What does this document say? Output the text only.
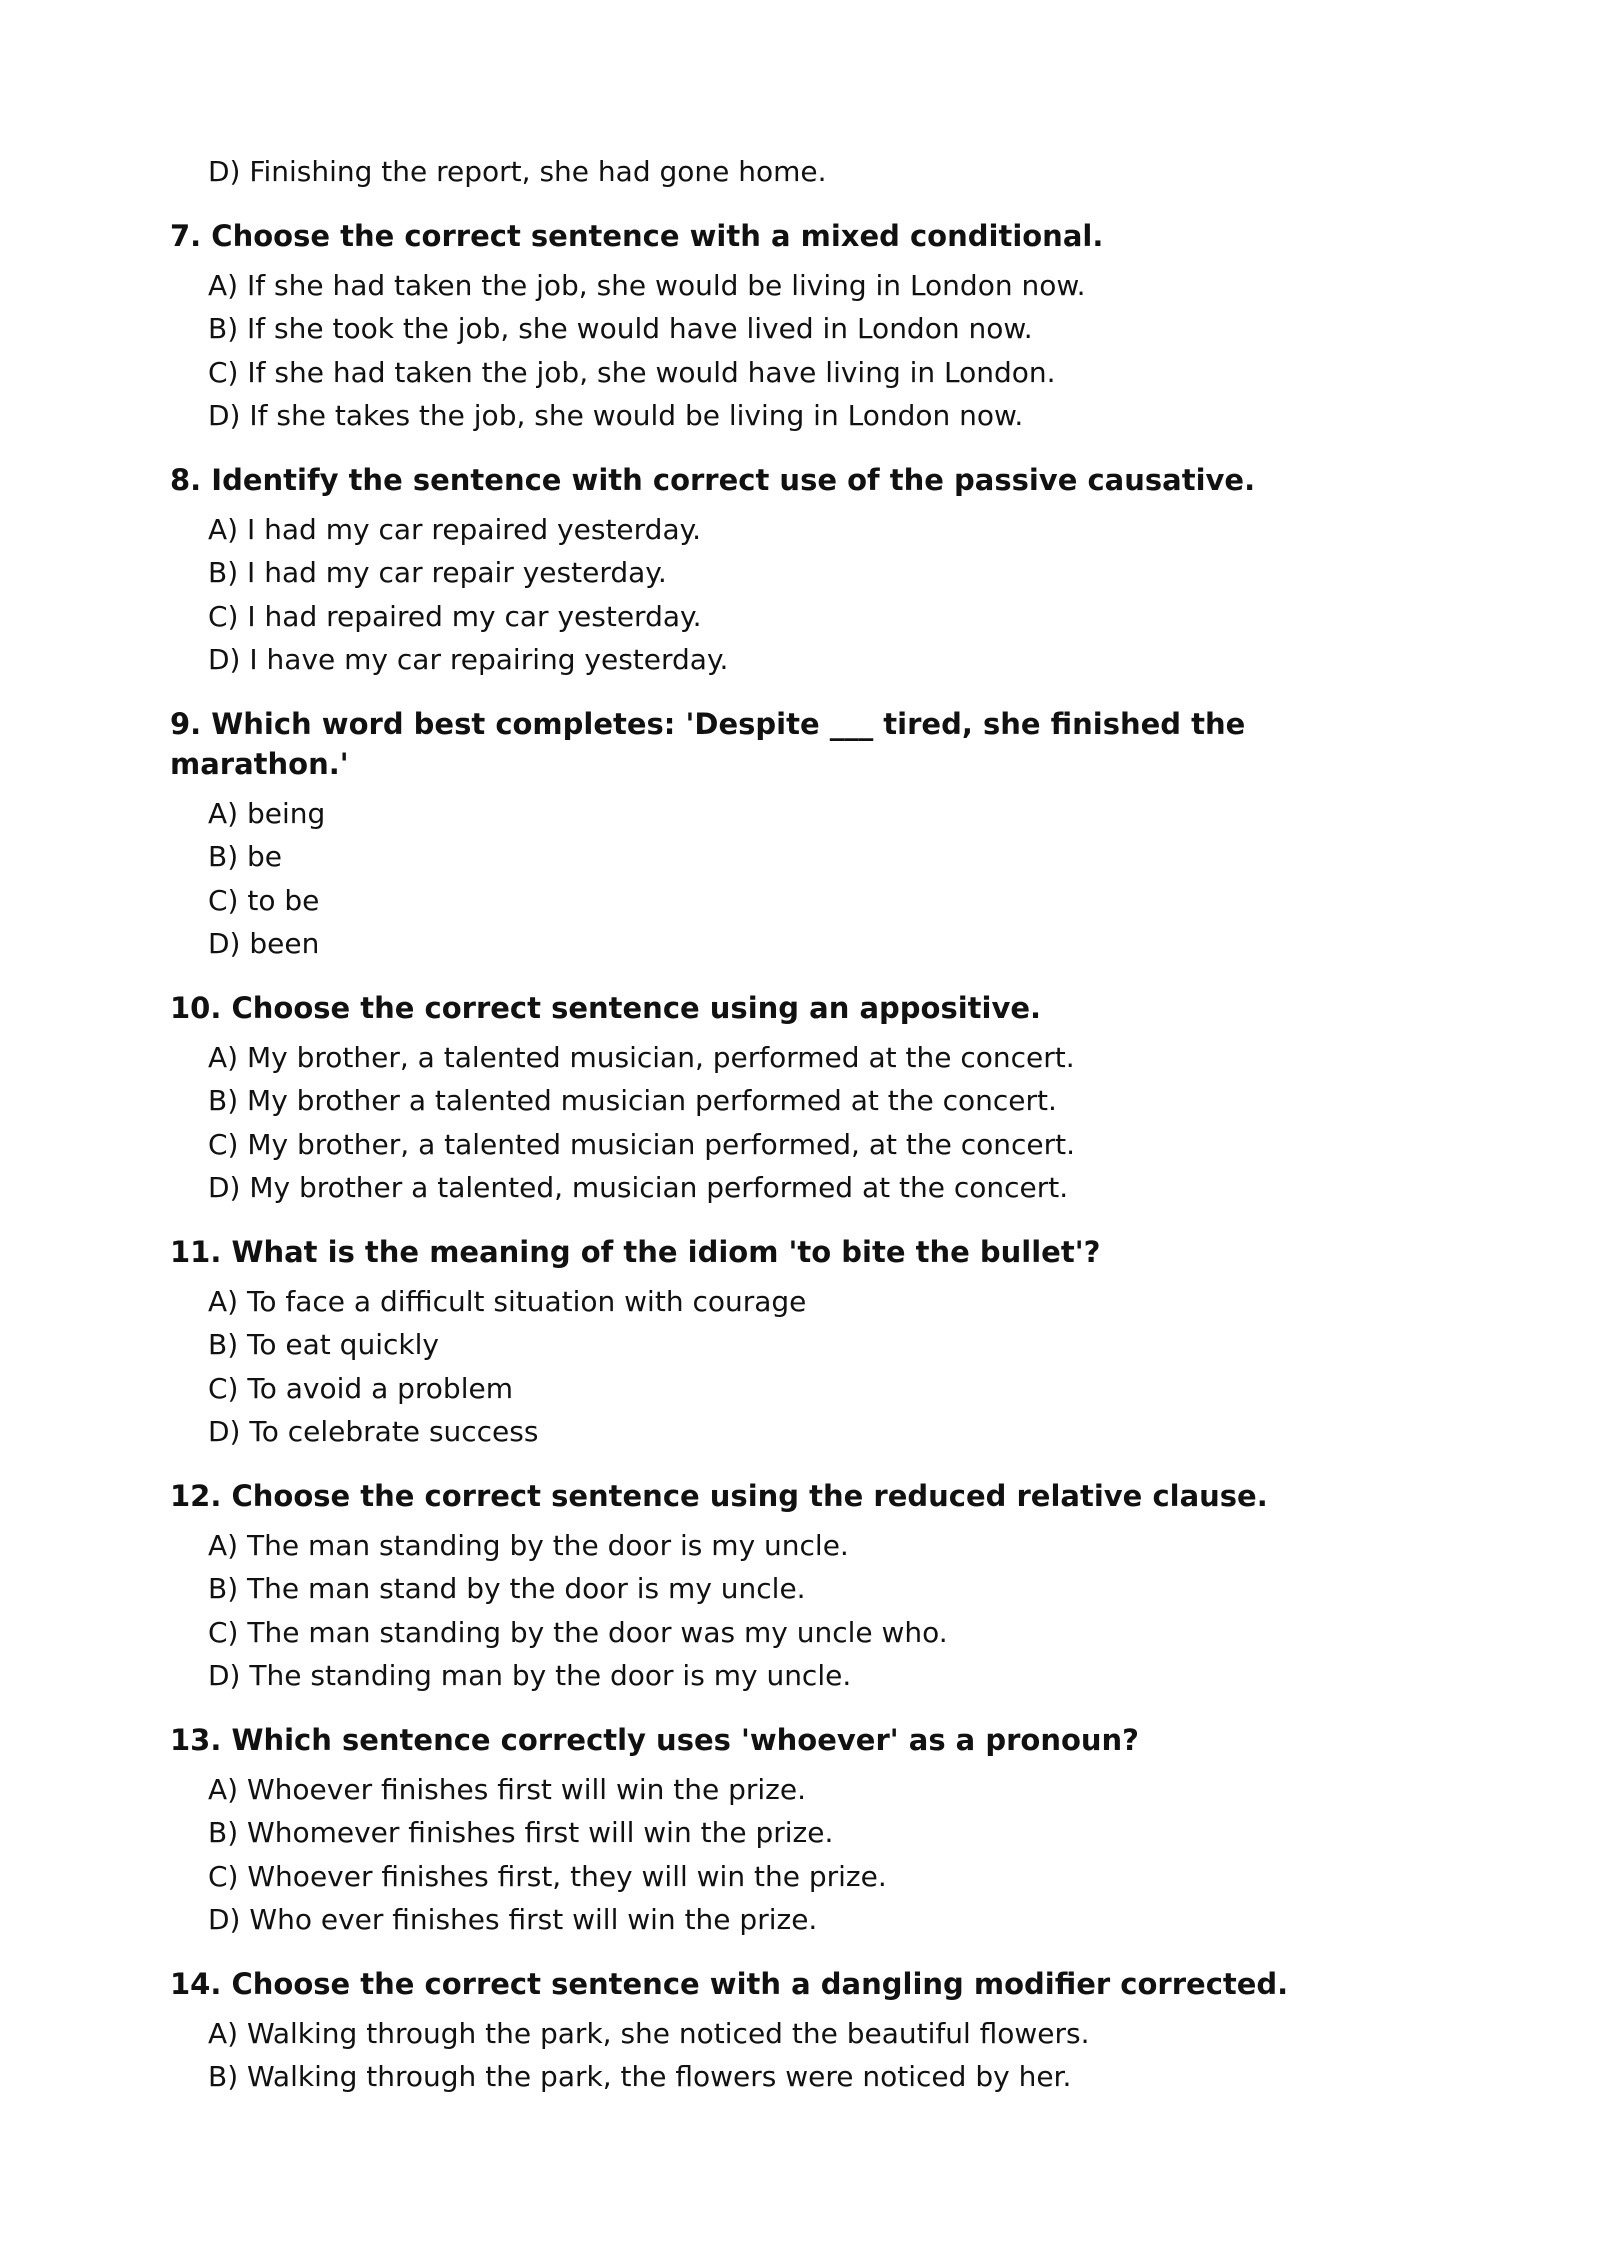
D) Finishing the report, she had gone home.

7. Choose the correct sentence with a mixed conditional.

A) If she had taken the job, she would be living in London now.
B) If she took the job, she would have lived in London now.
C) If she had taken the job, she would have living in London.
D) If she takes the job, she would be living in London now.

8. Identify the sentence with correct use of the passive causative.

A) I had my car repaired yesterday.
B) I had my car repair yesterday.
C) I had repaired my car yesterday.
D) I have my car repairing yesterday.

9. Which word best completes: 'Despite ___ tired, she finished the marathon.'

A) being
B) be
C) to be
D) been

10. Choose the correct sentence using an appositive.

A) My brother, a talented musician, performed at the concert.
B) My brother a talented musician performed at the concert.
C) My brother, a talented musician performed, at the concert.
D) My brother a talented, musician performed at the concert.

11. What is the meaning of the idiom 'to bite the bullet'?

A) To face a difficult situation with courage
B) To eat quickly
C) To avoid a problem
D) To celebrate success

12. Choose the correct sentence using the reduced relative clause.

A) The man standing by the door is my uncle.
B) The man stand by the door is my uncle.
C) The man standing by the door was my uncle who.
D) The standing man by the door is my uncle.

13. Which sentence correctly uses 'whoever' as a pronoun?

A) Whoever finishes first will win the prize.
B) Whomever finishes first will win the prize.
C) Whoever finishes first, they will win the prize.
D) Who ever finishes first will win the prize.

14. Choose the correct sentence with a dangling modifier corrected.

A) Walking through the park, she noticed the beautiful flowers.
B) Walking through the park, the flowers were noticed by her.
